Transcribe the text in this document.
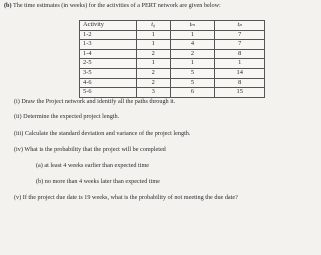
(b) The time estimates (in weeks) for the activities of a PERT network are given below:
Activity	t₀	tₘ	tₚ
1-2	1	1	7
1-3	1	4	7
1-4	2	2	8
2-5	1	1	1
3-5	2	5	14
4-6	2	5	8
5-6	3	6	15
(i) Draw the Project network and identify all the paths through it.
(ii) Determine the expected project length.
(iii) Calculate the standard deviation and variance of the project length.
(iv) What is the probability that the project will be completed
(a) at least 4 weeks earlier than expected time
(b) no more than 4 weeks later than expected time
(v) If the project due date is 19 weeks, what is the probability of not meeting the due date?
